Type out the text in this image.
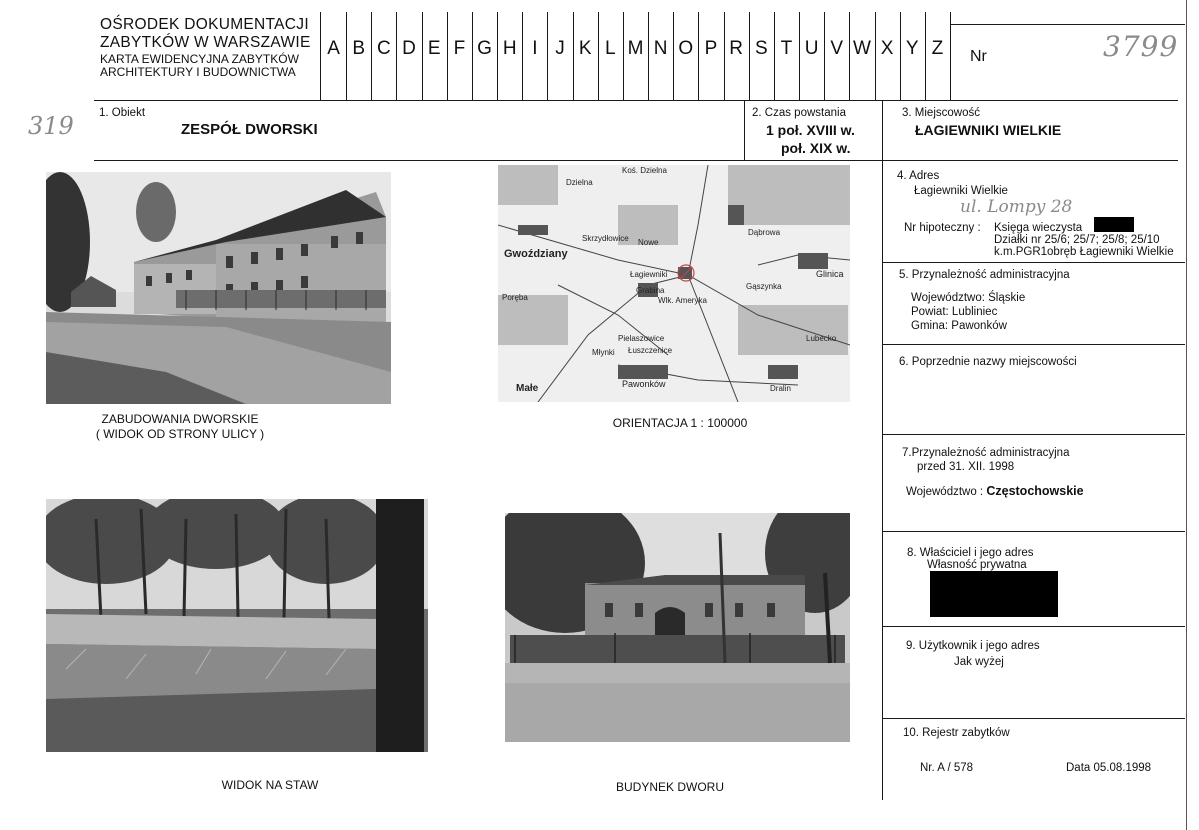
OŚRODEK DOKUMENTACJI
ZABYTKÓW W WARSZAWIE
KARTA EWIDENCYJNA ZABYTKÓW
ARCHITEKTURY I BUDOWNICTWA
A B C D E F G H I J K L M N O P R S T U V W X Y Z	Nr	3799
319 1. Obiekt
ZESPÓŁ DWORSKI
2. Czas powstania
1 poł. XVIII w.
poł. XIX w.
3. Miejscowość
ŁAGIEWNIKI WIELKIE
4. Adres
Łagiewniki Wielkie
ul. Lompy 28
Nr hipoteczny : Księga wieczysta
Działki nr 25/6; 25/7; 25/8; 25/10
k.m.PGR1obręb Łagiewniki Wielkie
5. Przynależność administracyjna
Województwo: Śląskie
Powiat: Lubliniec
Gmina: Pawonków
6. Poprzednie nazwy miejscowości
7.Przynależność administracyjna
przed 31. XII. 1998
Województwo : Częstochowskie
8. Właściciel i jego adres
Własność prywatna
9. Użytkownik i jego adres
Jak wyżej
10. Rejestr zabytków
Nr. A / 578	Data 05.08.1998
ZABUDOWANIA DWORSKIE
( WIDOK OD STRONY ULICY )
Dzielna
Koś. Dzielna
Gwoździany
Skrzydłowice Nowe
Łagiewniki
Grabina
Wlk. Ameryka
Dąbrowa
Gąszynka
Glinica
Poręba
Młynki
Pielaszowice
Łuszczenice
Lubecko
Pawonków	Dralin
Małe
ORIENTACJA 1 : 100000
WIDOK NA STAW	BUDYNEK DWORU
